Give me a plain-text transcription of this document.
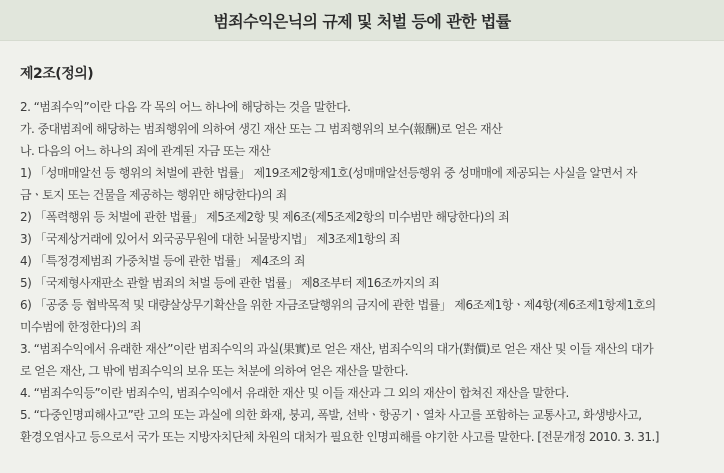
범죄수익은닉의 규제 및 처벌 등에 관한 법률
제2조(정의)
2. “범죄수익”이란 다음 각 목의 어느 하나에 해당하는 것을 말한다.
가. 중대범죄에 해당하는 범죄행위에 의하여 생긴 재산 또는 그 범죄행위의 보수(報酬)로 얻은 재산
나. 다음의 어느 하나의 죄에 관계된 자금 또는 재산
1) 「성매매알선 등 행위의 처벌에 관한 법률」 제19조제2항제1호(성매매알선등행위 중 성매매에 제공되는 사실을 알면서 자
금ㆍ토지 또는 건물을 제공하는 행위만 해당한다)의 죄
2) 「폭력행위 등 처벌에 관한 법률」 제5조제2항 및 제6조(제5조제2항의 미수범만 해당한다)의 죄
3) 「국제상거래에 있어서 외국공무원에 대한 뇌물방지법」 제3조제1항의 죄
4) 「특정경제범죄 가중처벌 등에 관한 법률」 제4조의 죄
5) 「국제형사재판소 관할 범죄의 처벌 등에 관한 법률」 제8조부터 제16조까지의 죄
6) 「공중 등 협박목적 및 대량살상무기확산을 위한 자금조달행위의 금지에 관한 법률」 제6조제1항ㆍ제4항(제6조제1항제1호의
미수범에 한정한다)의 죄
3. “범죄수익에서 유래한 재산”이란 범죄수익의 과실(果實)로 얻은 재산, 범죄수익의 대가(對價)로 얻은 재산 및 이들 재산의 대가
로 얻은 재산, 그 밖에 범죄수익의 보유 또는 처분에 의하여 얻은 재산을 말한다.
4. “범죄수익등”이란 범죄수익, 범죄수익에서 유래한 재산 및 이들 재산과 그 외의 재산이 합쳐진 재산을 말한다.
5. “다중인명피해사고”란 고의 또는 과실에 의한 화재, 붕괴, 폭발, 선박ㆍ항공기ㆍ열차 사고를 포함하는 교통사고, 화생방사고,
환경오염사고 등으로서 국가 또는 지방자치단체 차원의 대처가 필요한 인명피해를 야기한 사고를 말한다. [전문개정 2010. 3. 31.]
